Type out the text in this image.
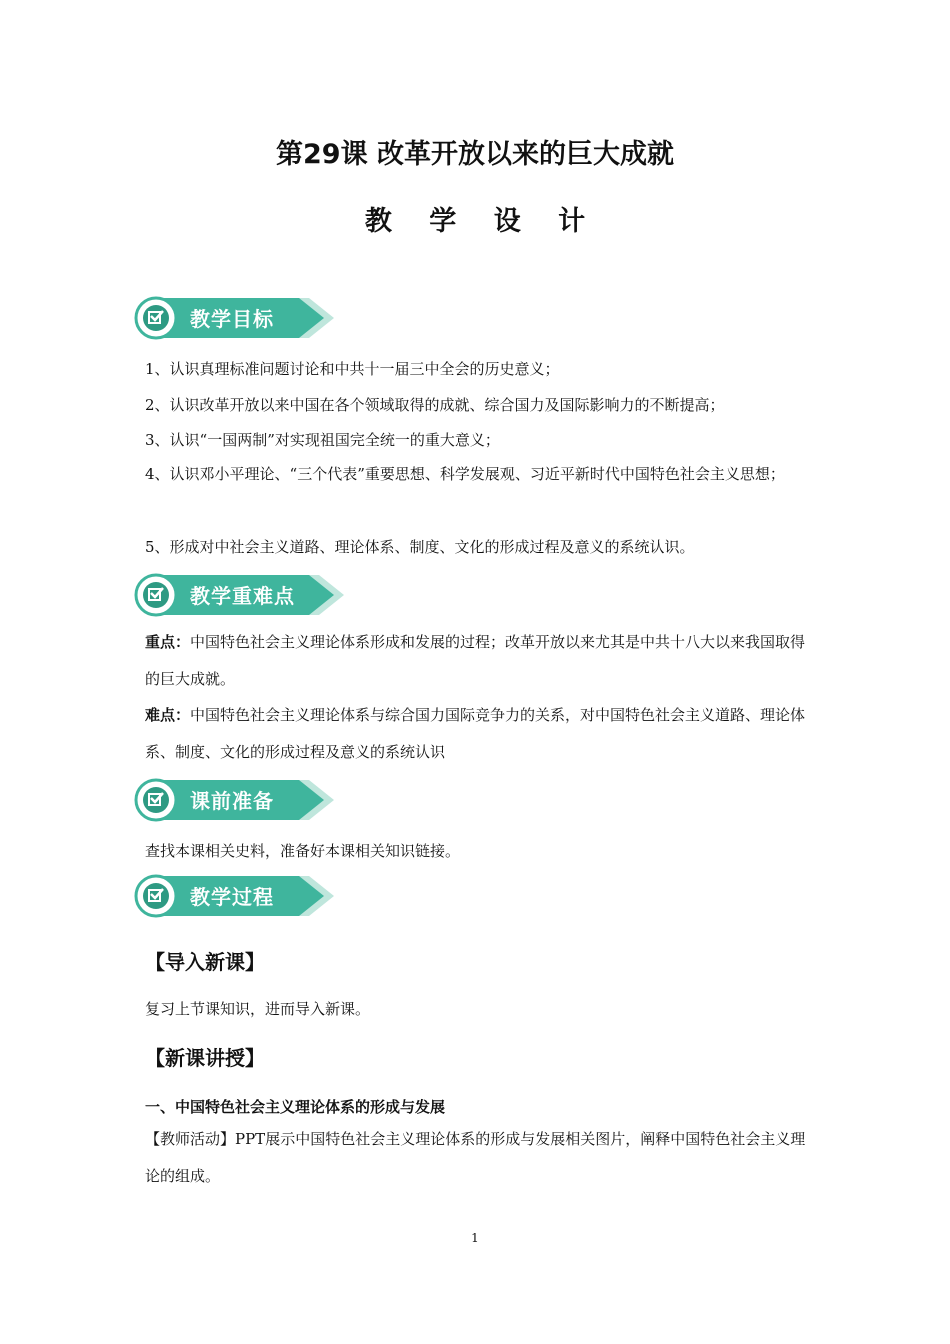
第29课 改革开放以来的巨大成就
教 学 设 计
教学目标
1、认识真理标准问题讨论和中共十一届三中全会的历史意义；
2、认识改革开放以来中国在各个领域取得的成就、综合国力及国际影响力的不断提高；
3、认识“一国两制”对实现祖国完全统一的重大意义；
4、认识邓小平理论、“三个代表”重要思想、科学发展观、习近平新时代中国特色社会主义思想；
5、形成对中社会主义道路、理论体系、制度、文化的形成过程及意义的系统认识。
教学重难点
重点：中国特色社会主义理论体系形成和发展的过程；改革开放以来尤其是中共十八大以来我国取得的巨大成就。
难点：中国特色社会主义理论体系与综合国力国际竞争力的关系，对中国特色社会主义道路、理论体系、制度、文化的形成过程及意义的系统认识
课前准备
查找本课相关史料，准备好本课相关知识链接。
教学过程
【导入新课】
复习上节课知识，进而导入新课。
【新课讲授】
一、中国特色社会主义理论体系的形成与发展
【教师活动】PPT展示中国特色社会主义理论体系的形成与发展相关图片，阐释中国特色社会主义理论的组成。
1
